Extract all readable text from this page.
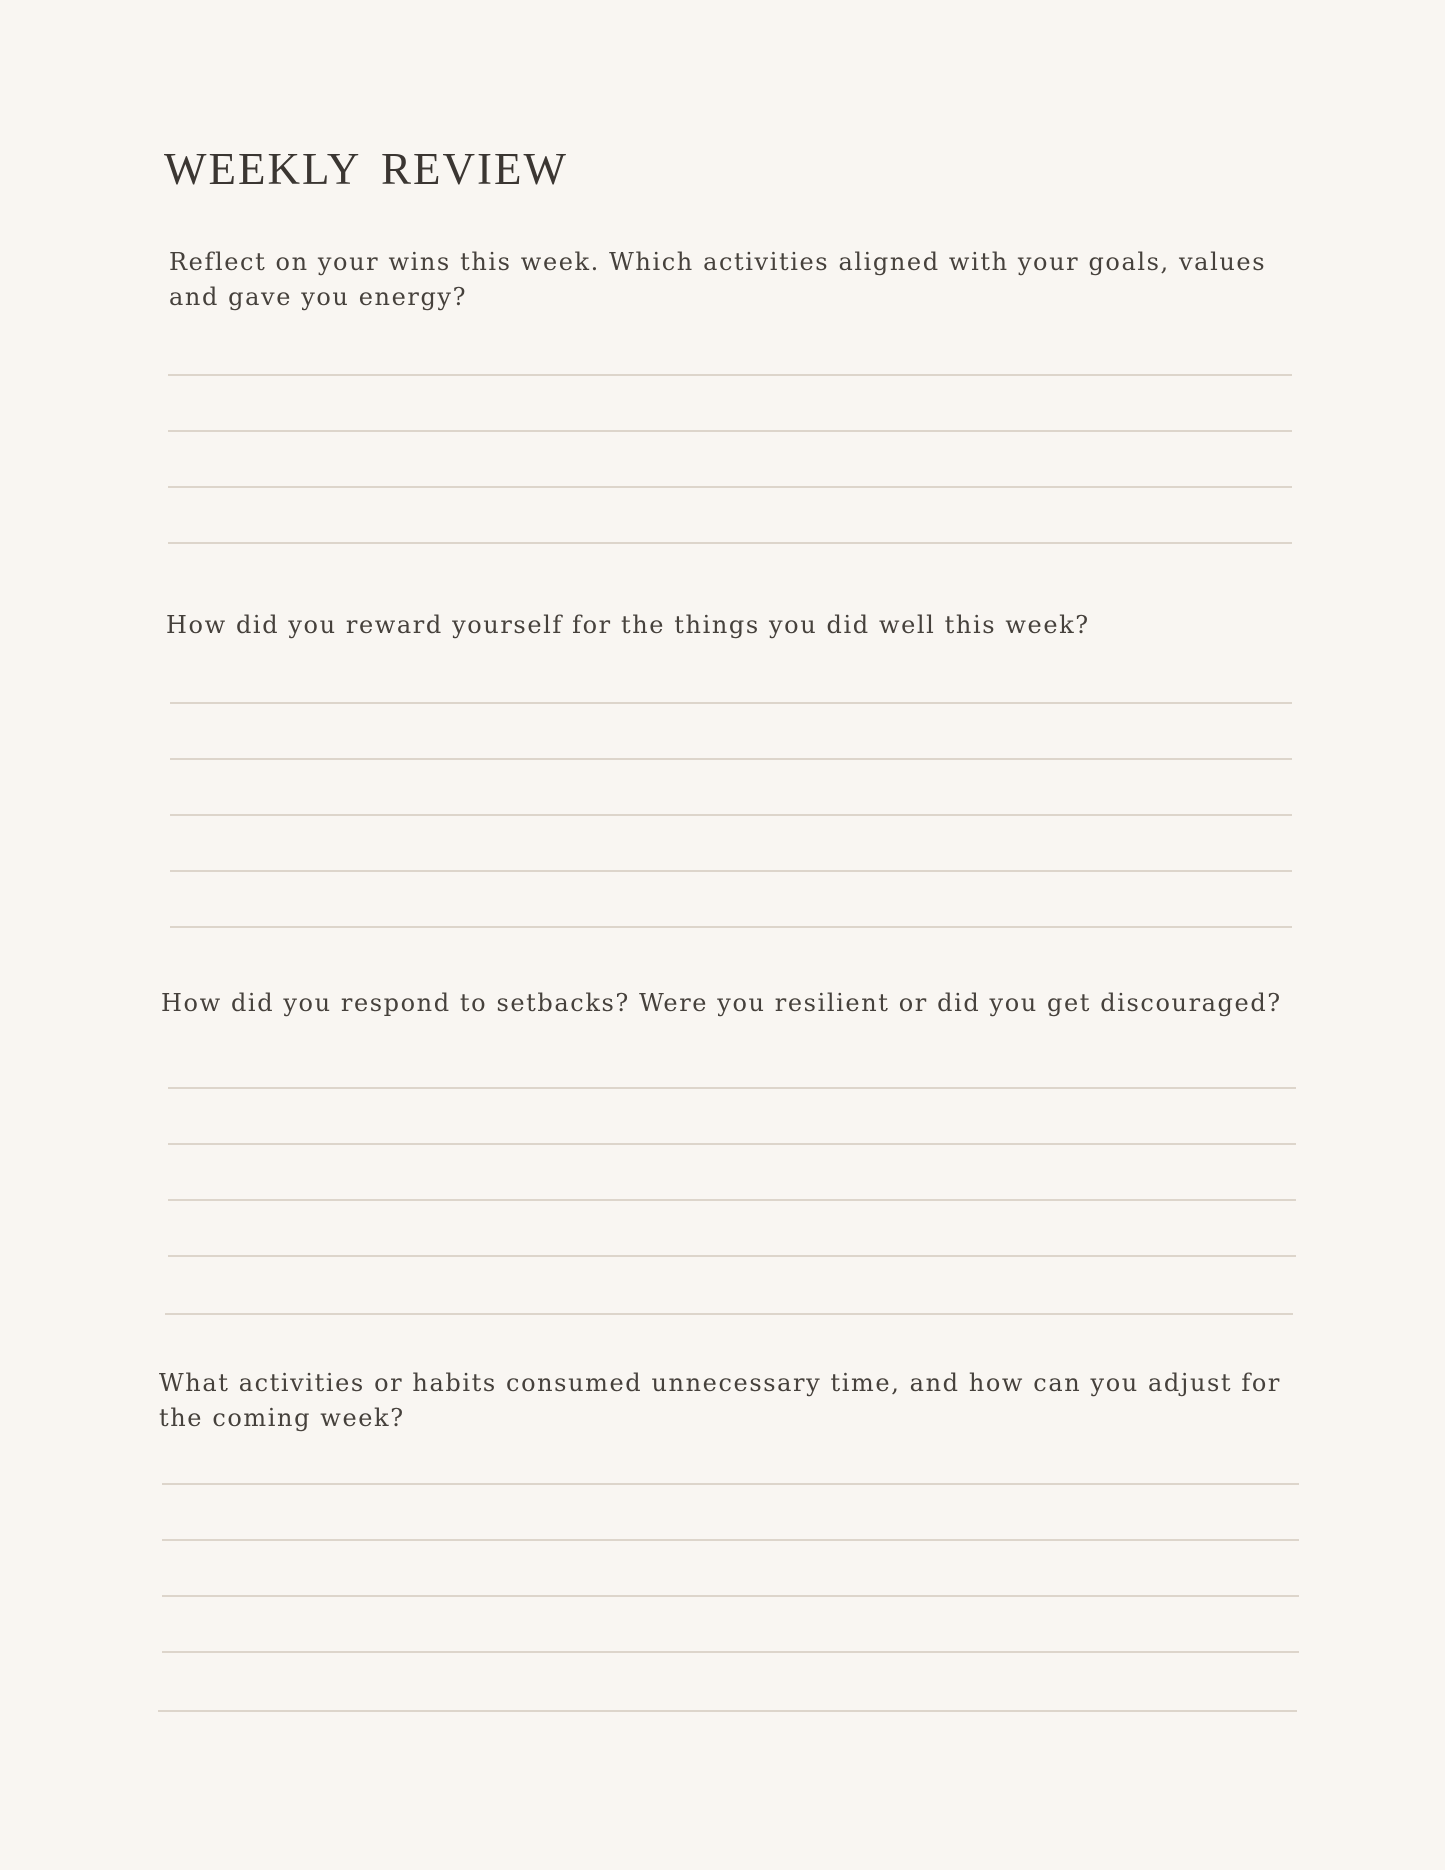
WEEKLY REVIEW
Reflect on your wins this week. Which activities aligned with your goals, values
and gave you energy?
How did you reward yourself for the things you did well this week?
How did you respond to setbacks? Were you resilient or did you get discouraged?
What activities or habits consumed unnecessary time, and how can you adjust for
the coming week?
